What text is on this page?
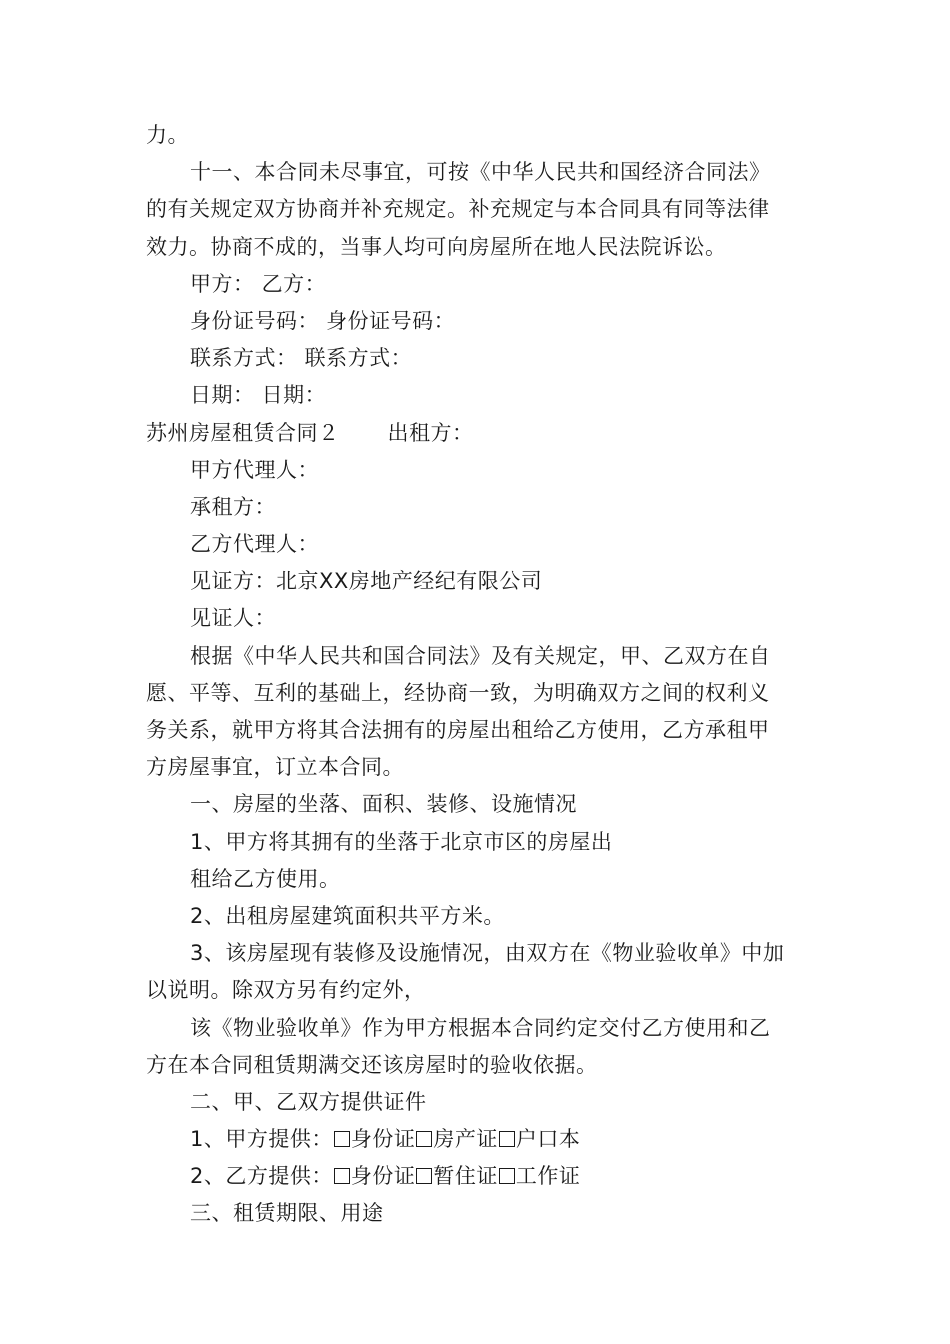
力。
十一、本合同未尽事宜，可按《中华人民共和国经济合同法》
的有关规定双方协商并补充规定。补充规定与本合同具有同等法律
效力。协商不成的，当事人均可向房屋所在地人民法院诉讼。
甲方： 乙方：
身份证号码： 身份证号码：
联系方式： 联系方式：
日期： 日期：
苏州房屋租赁合同２ 出租方：
甲方代理人：
承租方：
乙方代理人：
见证方：北京XX房地产经纪有限公司
见证人：
根据《中华人民共和国合同法》及有关规定，甲、乙双方在自
愿、平等、互利的基础上，经协商一致，为明确双方之间的权利义
务关系，就甲方将其合法拥有的房屋出租给乙方使用，乙方承租甲
方房屋事宜，订立本合同。
一、房屋的坐落、面积、装修、设施情况
1、甲方将其拥有的坐落于北京市区的房屋出
租给乙方使用。
2、出租房屋建筑面积共平方米。
3、该房屋现有装修及设施情况，由双方在《物业验收单》中加
以说明。除双方另有约定外，
该《物业验收单》作为甲方根据本合同约定交付乙方使用和乙
方在本合同租赁期满交还该房屋时的验收依据。
二、甲、乙双方提供证件
1、甲方提供： 身份证 房产证 户口本
2、乙方提供： 身份证 暂住证 工作证
三、租赁期限、用途
